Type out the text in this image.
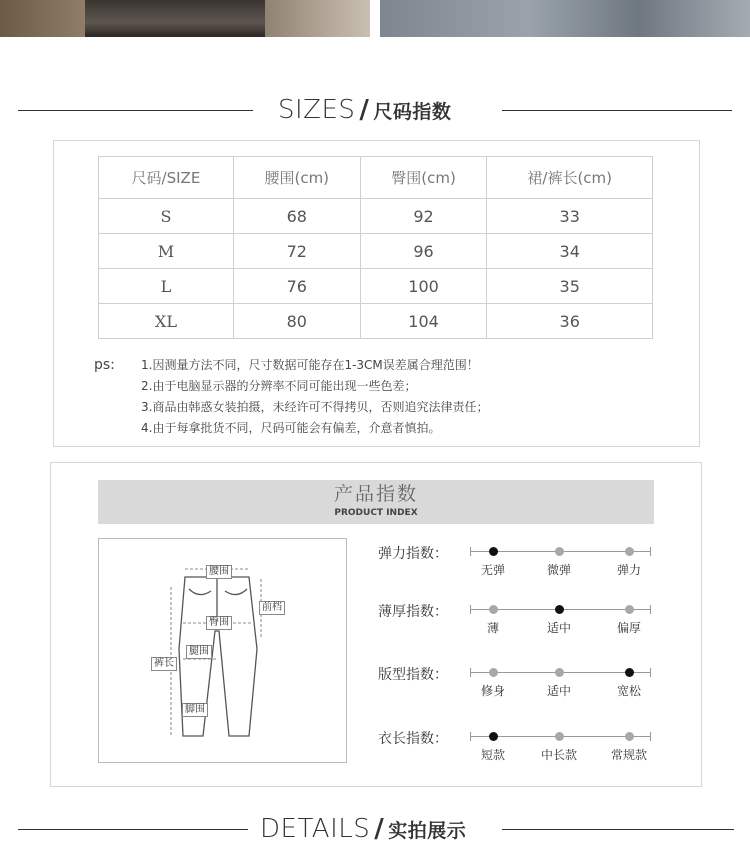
SIZES / 尺码指数
尺码/SIZE	腰围(cm)	臀围(cm)	裙/裤长(cm)
S	68	92	33
M	72	96	34
L	76	100	35
XL	80	104	36
ps: 1.因测量方法不同，尺寸数据可能存在1-3CM误差属合理范围！
2.由于电脑显示器的分辨率不同可能出现一些色差；
3.商品由韩惑女装拍摄，未经许可不得拷贝，否则追究法律责任；
4.由于每拿批货不同，尺码可能会有偏差，介意者慎拍。
产品指数
PRODUCT INDEX
腰围
前档
臀围
腿围
裤长
脚围
弹力指数：
无弹	微弹	弹力
薄厚指数：
薄	适中	偏厚
版型指数：
修身	适中	宽松
衣长指数：
短款	中长款	常规款
DETAILS / 实拍展示
